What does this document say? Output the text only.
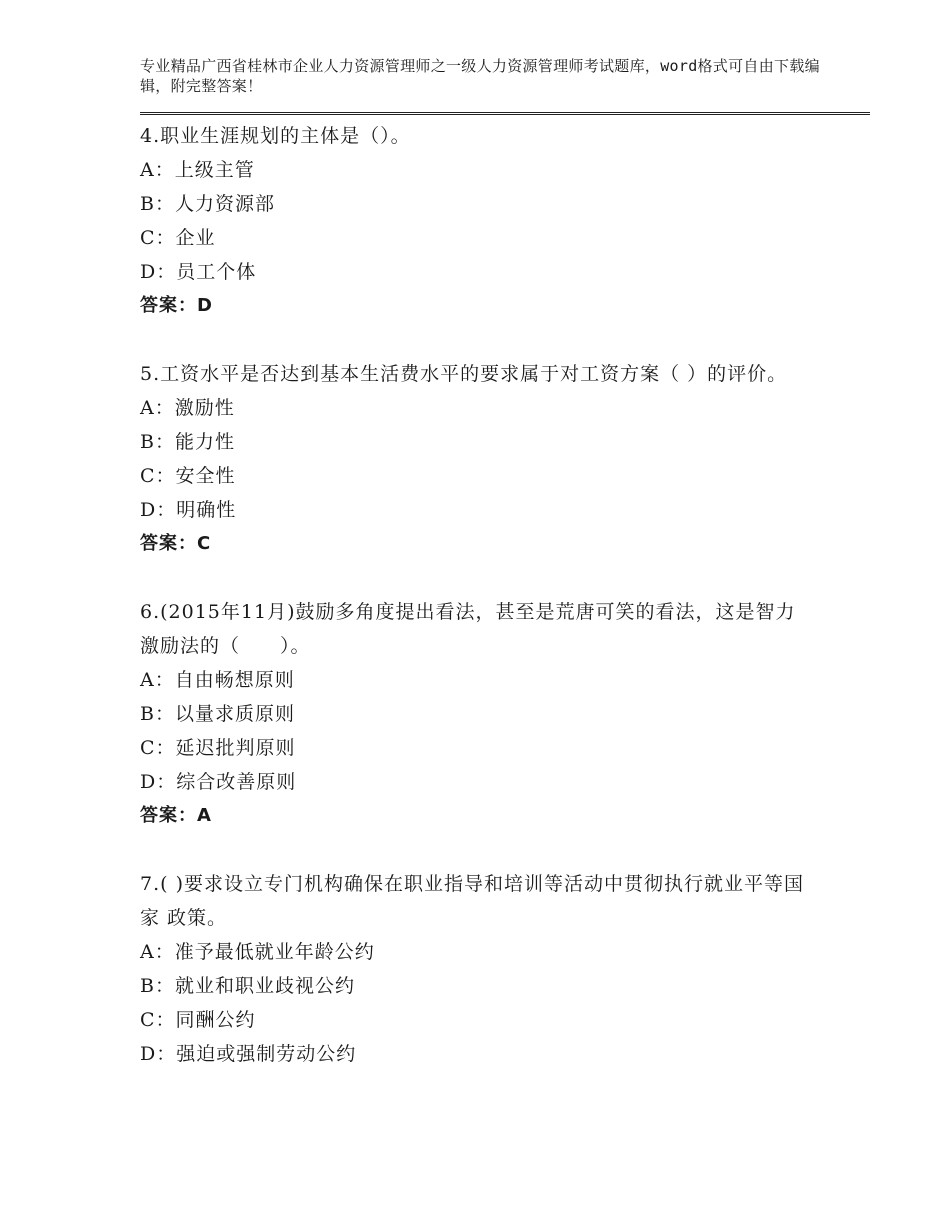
专业精品广西省桂林市企业人力资源管理师之一级人力资源管理师考试题库，word格式可自由下载编辑，附完整答案！
4.职业生涯规划的主体是（）。
A：上级主管
B：人力资源部
C：企业
D：员工个体
答案：D
5.工资水平是否达到基本生活费水平的要求属于对工资方案（ ）的评价。
A：激励性
B：能力性
C：安全性
D：明确性
答案：C
6.(2015年11月)鼓励多角度提出看法，甚至是荒唐可笑的看法，这是智力激励法的（　　）。
A：自由畅想原则
B：以量求质原则
C：延迟批判原则
D：综合改善原则
答案：A
7.( )要求设立专门机构确保在职业指导和培训等活动中贯彻执行就业平等国家 政策。
A：准予最低就业年龄公约
B：就业和职业歧视公约
C：同酬公约
D：强迫或强制劳动公约
